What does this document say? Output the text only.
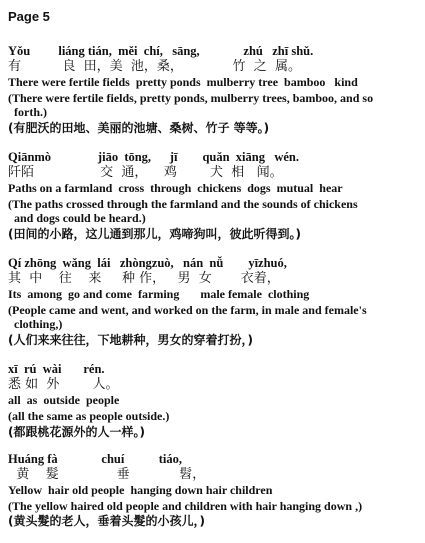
Page 5
Yǒu         liáng tián,  měi  chí,   sāng,              zhú   zhī shǔ.
有          良  田，美  池，桑，            竹  之  属。
There were fertile fields  pretty ponds  mulberry tree  bamboo   kind
(There were fertile fields, pretty ponds, mulberry trees, bamboo, and so
forth.)
(有肥沃的田地、美丽的池塘、桑树、竹子 等等。)
Qiānmò               jiāo  tōng,      jī        quǎn  xiāng   wén.
阡陌                交  通，    鸡        犬  相   闻。
Paths on a farmland  cross  through  chickens  dogs  mutual  hear
(The paths crossed through the farmland and the sounds of chickens
and dogs could be heard.)
(田间的小路，这儿通到那儿，鸡啼狗叫，彼此听得到。)
Qí zhōng  wǎng  lái   zhòngzuò,   nán  nǚ        yīzhuó,
其  中    往    来     种 作，   男  女       衣着，
Its  among  go and come  farming       male female  clothing
(People came and went, and worked on the farm, in male and female's
clothing,)
(人们来来往往，下地耕种，男女的穿着打扮，)
xī  rú  wài       rén.
悉 如  外        人。
all  as  outside  people
(all the same as people outside.)
(都跟桃花源外的人一样。)
Huáng fà              chuí           tiáo,
黄    髮              垂            髫，
Yellow  hair old people  hanging down hair children
(The yellow haired old people and children with hair hanging down ,)
(黄头髮的老人，垂着头髮的小孩儿，)
